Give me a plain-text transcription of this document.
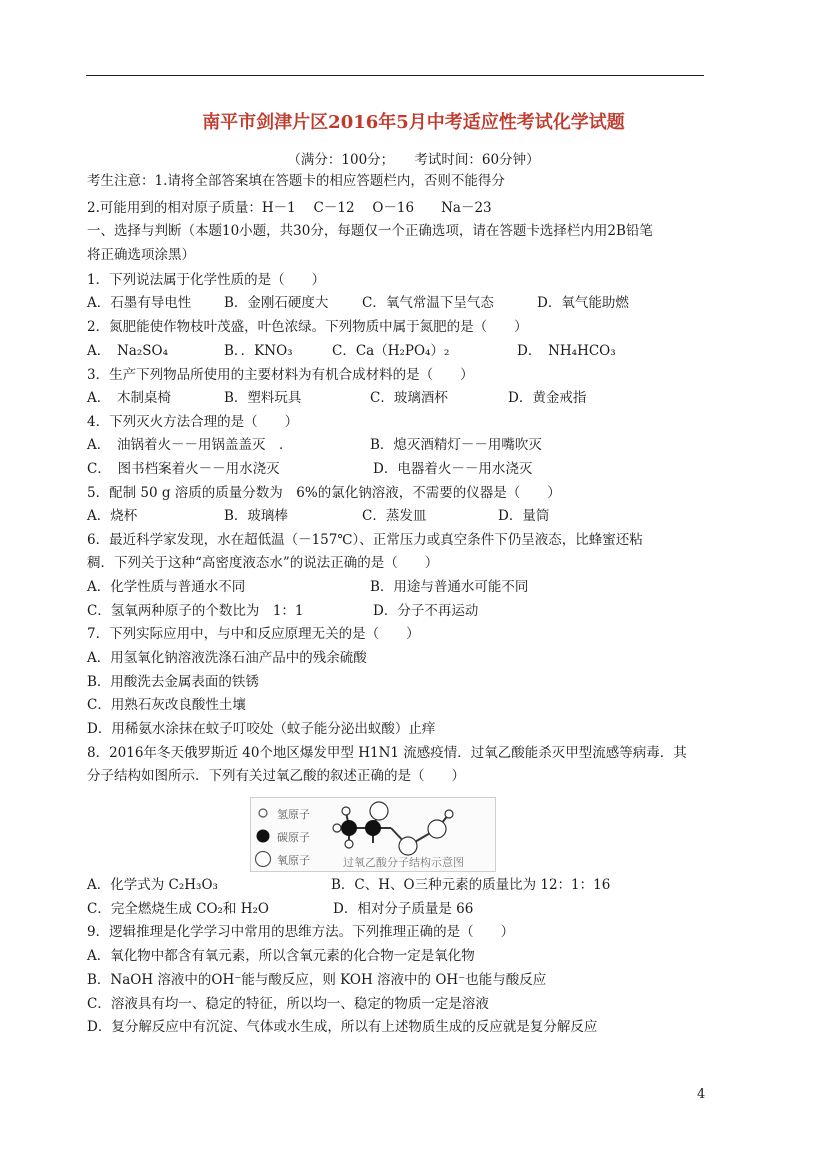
南平市剑津片区2016年5月中考适应性考试化学试题
（满分：100分；　　考试时间：60分钟）
考生注意：1.请将全部答案填在答题卡的相应答题栏内，否则不能得分
2.可能用到的相对原子质量：H－1　 C－12　 O－16　　Na－23
一、选择与判断（本题10小题，共30分，每题仅一个正确选项，请在答题卡选择栏内用2B铅笔
将正确选项涂黑）
1．下列说法属于化学性质的是（　　）
A．石墨有导电性 B．金刚石硬度大 C．氧气常温下呈气态	D．氧气能助燃
2．氮肥能使作物枝叶茂盛，叶色浓绿。下列物质中属于氮肥的是（　　）
A．　Na₂SO₄	B．．KNO₃	C．Ca（H₂PO₄）₂	D．　NH₄HCO₃
3．生产下列物品所使用的主要材料为有机合成材料的是（　　）
A．　木制桌椅	B．塑料玩具	C．玻璃酒杯	D．黄金戒指
4．下列灭火方法合理的是（　　）
A．　油锅着火－－用锅盖盖灭　．	B．熄灭酒精灯－－用嘴吹灭
C．　图书档案着火－－用水浇灭	D．电器着火－－用水浇灭
5．配制 50 g 溶质的质量分数为　6%的氯化钠溶液，不需要的仪器是（　　）
A．烧杯	B．玻璃棒	C．蒸发皿	D．量筒
6．最近科学家发现，水在超低温（－157℃）、正常压力或真空条件下仍呈液态，比蜂蜜还粘
稠．下列关于这种“高密度液态水”的说法正确的是（　　）
A．化学性质与普通水不同	B．用途与普通水可能不同
C．氢氧两种原子的个数比为　1：1	D．分子不再运动
7．下列实际应用中，与中和反应原理无关的是（　　）
A．用氢氧化钠溶液洗涤石油产品中的残余硫酸
B．用酸洗去金属表面的铁锈
C．用熟石灰改良酸性土壤
D．用稀氨水涂抹在蚊子叮咬处（蚊子能分泌出蚁酸）止痒
8．2016年冬天俄罗斯近 40个地区爆发甲型 H1N1 流感疫情．过氧乙酸能杀灭甲型流感等病毒．其
分子结构如图所示．下列有关过氧乙酸的叙述正确的是（　　）
氢原子
碳原子
氧原子	过氧乙酸分子结构示意图
A．化学式为 C₂H₃O₃	B．C、H、O三种元素的质量比为 12：1：16
C．完全燃烧生成 CO₂和 H₂O	D．相对分子质量是 66
9．逻辑推理是化学学习中常用的思维方法。下列推理正确的是（　　）
A．氧化物中都含有氧元素，所以含氧元素的化合物一定是氧化物
B．NaOH 溶液中的OH⁻能与酸反应，则 KOH 溶液中的 OH⁻也能与酸反应
C．溶液具有均一、稳定的特征，所以均一、稳定的物质一定是溶液
D．复分解反应中有沉淀、气体或水生成，所以有上述物质生成的反应就是复分解反应
4
